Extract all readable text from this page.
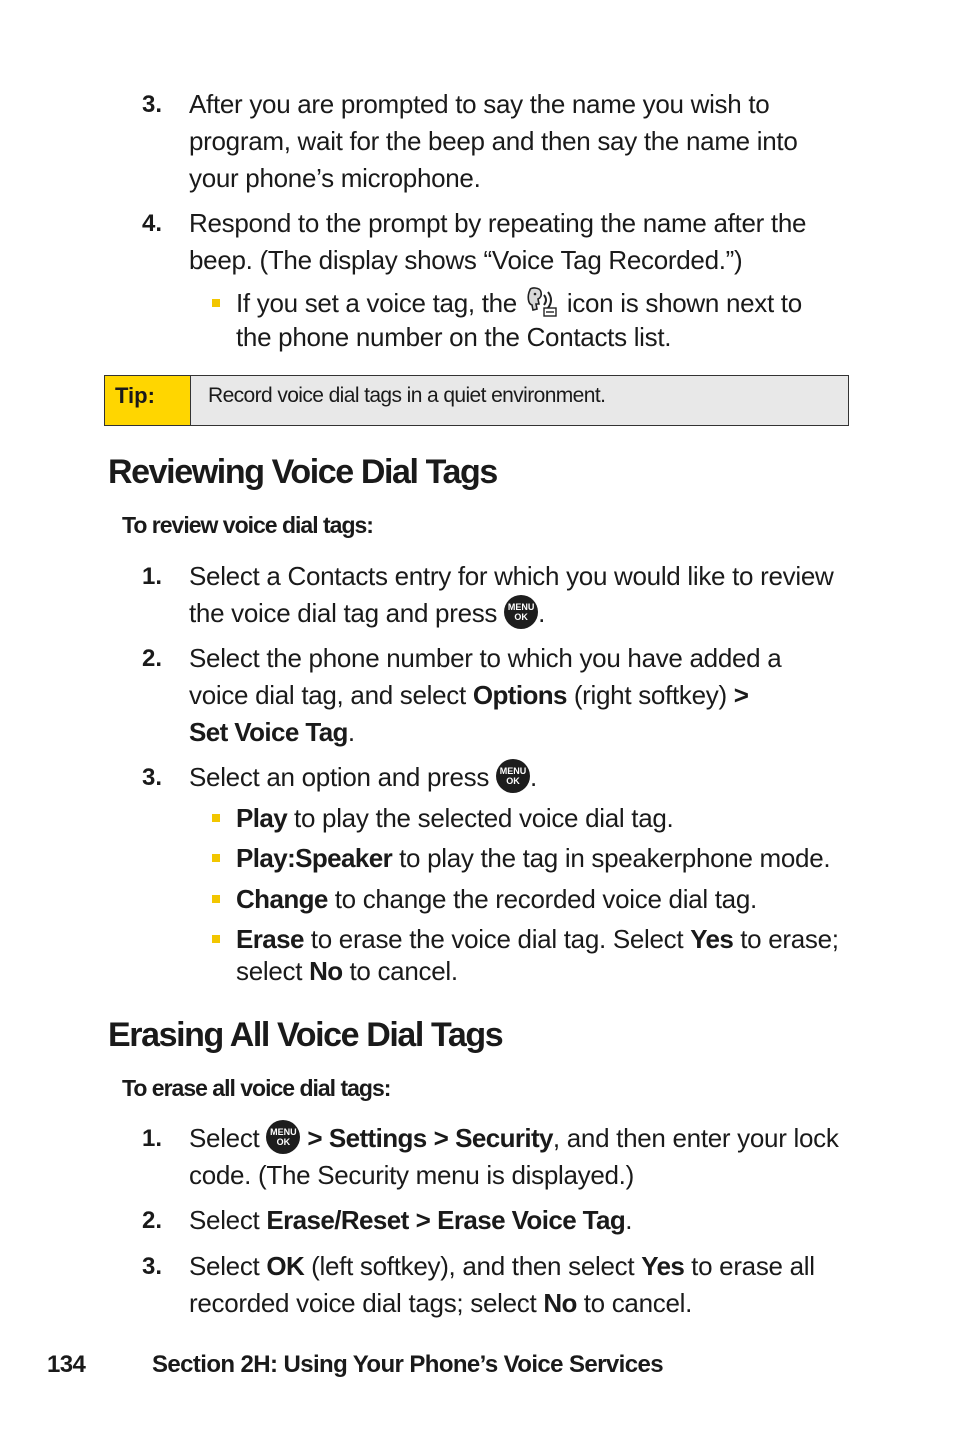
3.	After you are prompted to say the name you wish to
program, wait for the beep and then say the name into
your phone’s microphone.
4.	Respond to the prompt by repeating the name after the
beep. (The display shows “Voice Tag Recorded.”)
If you set a voice tag, the icon is shown next to
the phone number on the Contacts list.
Tip:	Record voice dial tags in a quiet environment.
Reviewing Voice Dial Tags
To review voice dial tags:
1.	Select a Contacts entry for which you would like to review
the voice dial tag and press MENU
OK .
2.	Select the phone number to which you have added a
voice dial tag, and select Options (right softkey) >
Set Voice Tag.
3.	Select an option and press MENU
OK .
Play to play the selected voice dial tag.
Play:Speaker to play the tag in speakerphone mode.
Change to change the recorded voice dial tag.
Erase to erase the voice dial tag. Select Yes to erase;
select No to cancel.
Erasing All Voice Dial Tags
To erase all voice dial tags:
1.	Select MENU
OK > Settings > Security, and then enter your lock
code. (The Security menu is displayed.)
2.	Select Erase/Reset > Erase Voice Tag.
3.	Select OK (left softkey), and then select Yes to erase all
recorded voice dial tags; select No to cancel.
134	Section 2H: Using Your Phone’s Voice Services
